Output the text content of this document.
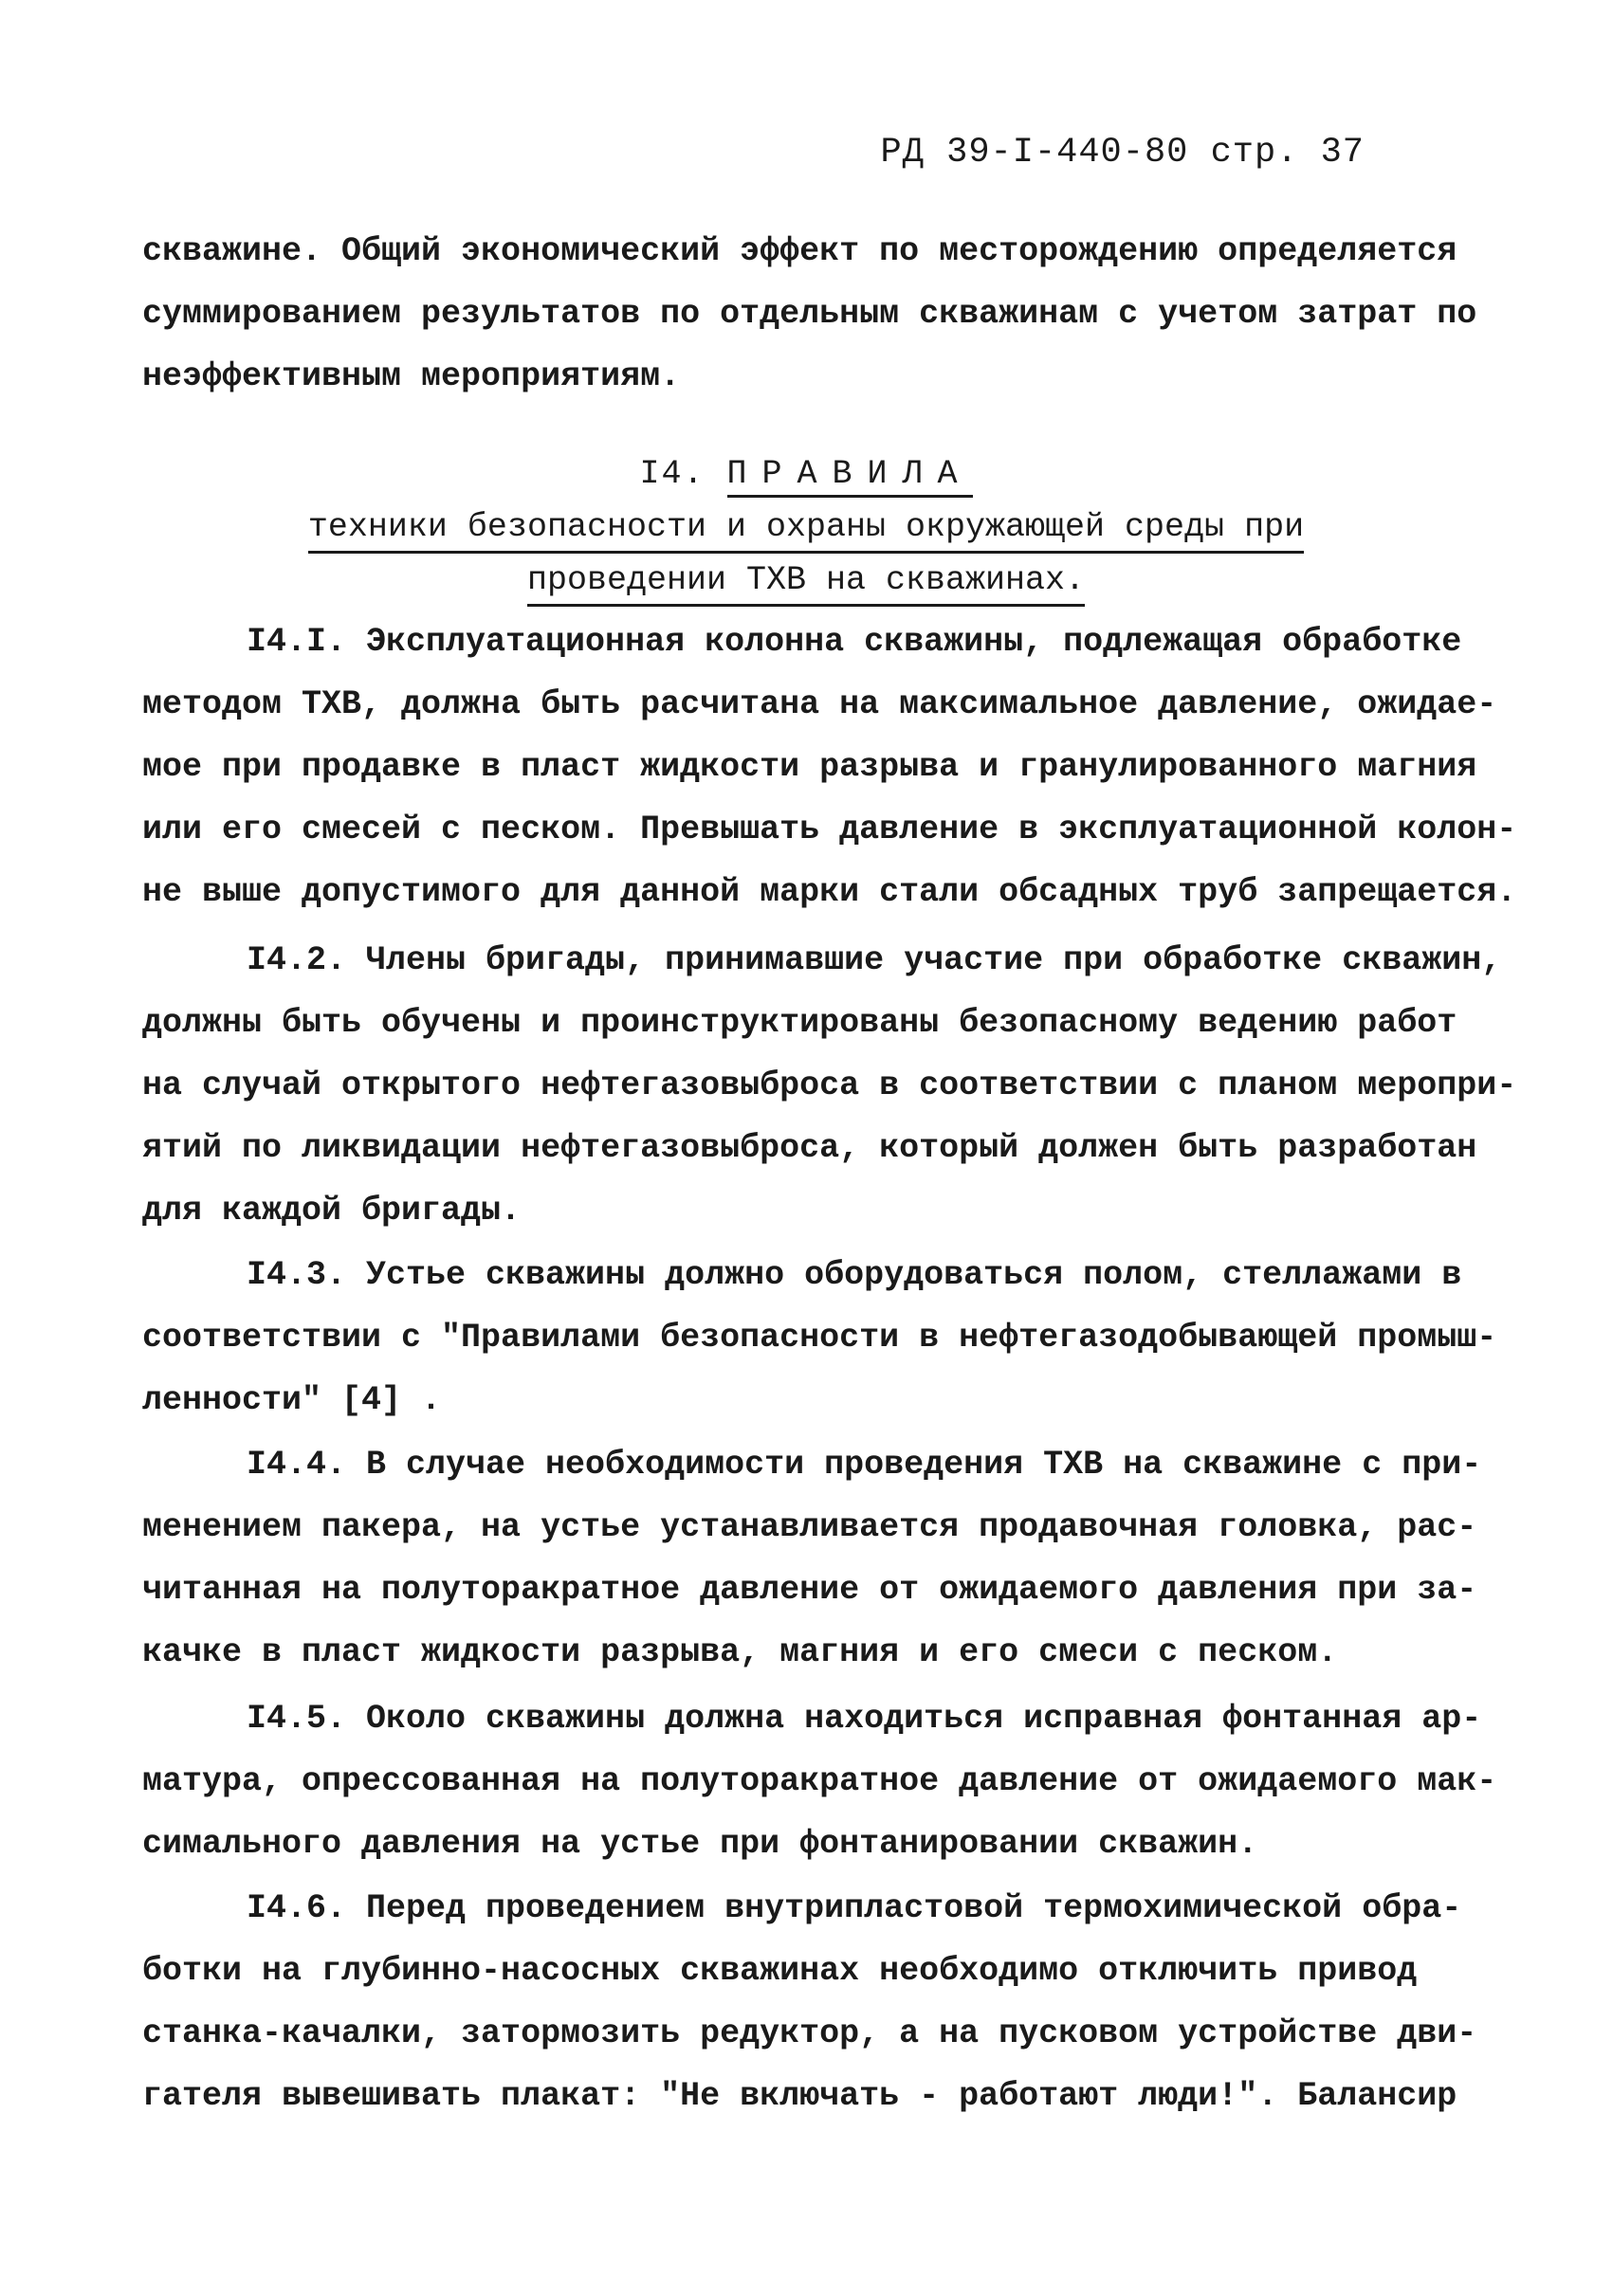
РД 39-I-440-80 стр. 37
скважине. Общий экономический эффект по месторождению определяется
суммированием результатов по отдельным скважинам с учетом затрат по
неэффективным мероприятиям.
I4. ПРАВИЛА
техники безопасности и охраны окружающей среды при
проведении ТХВ на скважинах.
I4.I. Эксплуатационная колонна скважины, подлежащая обработке
методом ТХВ, должна быть расчитана на максимальное давление, ожидае-
мое при продавке в пласт жидкости разрыва и гранулированного магния
или его смесей с песком. Превышать давление в эксплуатационной колон-
не выше допустимого для данной марки стали обсадных труб запрещается.
I4.2. Члены бригады, принимавшие участие при обработке скважин,
должны быть обучены и проинструктированы безопасному ведению работ
на случай открытого нефтегазовыброса в соответствии с планом меропри-
ятий по ликвидации нефтегазовыброса, который должен быть разработан
для каждой бригады.
I4.3. Устье скважины должно оборудоваться полом, стеллажами в
соответствии с "Правилами безопасности в нефтегазодобывающей промыш-
ленности" [4] .
I4.4. В случае необходимости проведения ТХВ на скважине с при-
менением пакера, на устье устанавливается продавочная головка, рас-
читанная на полуторакратное давление от ожидаемого давления при за-
качке в пласт жидкости разрыва, магния и его смеси с песком.
I4.5. Около скважины должна находиться исправная фонтанная ар-
матура, опрессованная на полуторакратное давление от ожидаемого мак-
симального давления на устье при фонтанировании скважин.
I4.6. Перед проведением внутрипластовой термохимической обра-
ботки на глубинно-насосных скважинах необходимо отключить привод
станка-качалки, затормозить редуктор, а на пусковом устройстве дви-
гателя вывешивать плакат: "Не включать - работают люди!". Балансир
